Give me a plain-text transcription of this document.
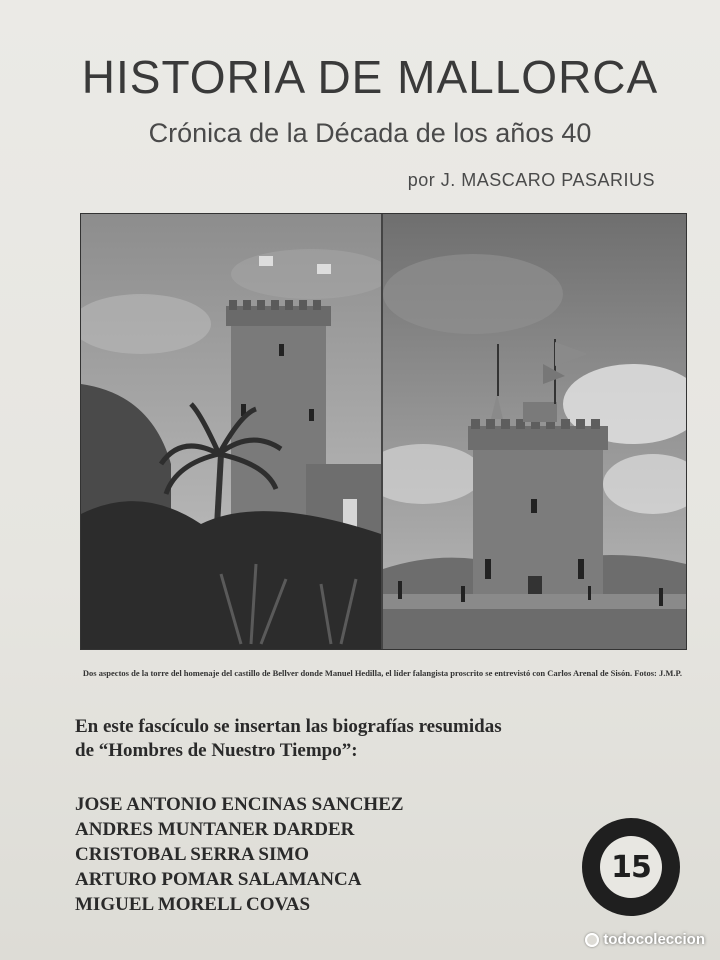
HISTORIA DE MALLORCA
Crónica de la Década de los años 40
por J. MASCARO PASARIUS
Dos aspectos de la torre del homenaje del castillo de Bellver donde Manuel Hedilla, el líder falangista proscrito se entrevistó con Carlos Arenal de Sisón. Fotos: J.M.P.
En este fascículo se insertan las biografías resumidas
de “Hombres de Nuestro Tiempo”:
JOSE ANTONIO ENCINAS SANCHEZ
ANDRES MUNTANER DARDER
CRISTOBAL SERRA SIMO
ARTURO POMAR SALAMANCA
MIGUEL MORELL COVAS
15
todocoleccion
